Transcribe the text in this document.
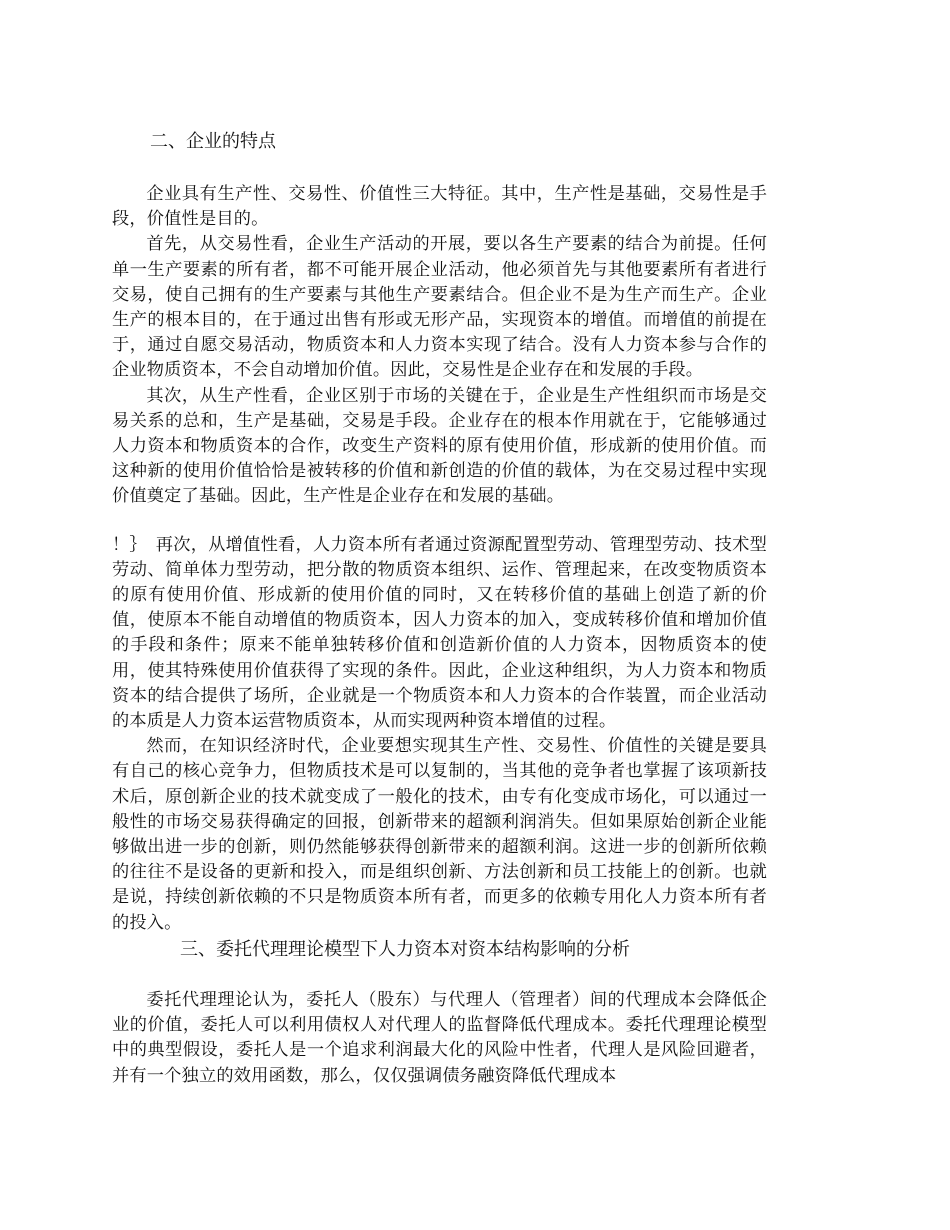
二、企业的特点

企业具有生产性、交易性、价值性三大特征。其中，生产性是基础，交易性是手段，价值性是目的。

首先，从交易性看，企业生产活动的开展，要以各生产要素的结合为前提。任何单一生产要素的所有者，都不可能开展企业活动，他必须首先与其他要素所有者进行交易，使自己拥有的生产要素与其他生产要素结合。但企业不是为生产而生产。企业生产的根本目的，在于通过出售有形或无形产品，实现资本的增值。而增值的前提在于，通过自愿交易活动，物质资本和人力资本实现了结合。没有人力资本参与合作的企业物质资本，不会自动增加价值。因此，交易性是企业存在和发展的手段。

其次，从生产性看，企业区别于市场的关键在于，企业是生产性组织而市场是交易关系的总和，生产是基础，交易是手段。企业存在的根本作用就在于，它能够通过人力资本和物质资本的合作，改变生产资料的原有使用价值，形成新的使用价值。而这种新的使用价值恰恰是被转移的价值和新创造的价值的载体，为在交易过程中实现价值奠定了基础。因此，生产性是企业存在和发展的基础。

！｝  再次，从增值性看，人力资本所有者通过资源配置型劳动、管理型劳动、技术型劳动、简单体力型劳动，把分散的物质资本组织、运作、管理起来，在改变物质资本的原有使用价值、形成新的使用价值的同时，又在转移价值的基础上创造了新的价值，使原本不能自动增值的物质资本，因人力资本的加入，变成转移价值和增加价值的手段和条件；原来不能单独转移价值和创造新价值的人力资本，因物质资本的使用，使其特殊使用价值获得了实现的条件。因此，企业这种组织，为人力资本和物质资本的结合提供了场所，企业就是一个物质资本和人力资本的合作装置，而企业活动的本质是人力资本运营物质资本，从而实现两种资本增值的过程。

然而，在知识经济时代，企业要想实现其生产性、交易性、价值性的关键是要具有自己的核心竞争力，但物质技术是可以复制的，当其他的竞争者也掌握了该项新技术后，原创新企业的技术就变成了一般化的技术，由专有化变成市场化，可以通过一般性的市场交易获得确定的回报，创新带来的超额利润消失。但如果原始创新企业能够做出进一步的创新，则仍然能够获得创新带来的超额利润。这进一步的创新所依赖的往往不是设备的更新和投入，而是组织创新、方法创新和员工技能上的创新。也就是说，持续创新依赖的不只是物质资本所有者，而更多的依赖专用化人力资本所有者的投入。

三、委托代理理论模型下人力资本对资本结构影响的分析

委托代理理论认为，委托人（股东）与代理人（管理者）间的代理成本会降低企业的价值，委托人可以利用债权人对代理人的监督降低代理成本。委托代理理论模型中的典型假设，委托人是一个追求利润最大化的风险中性者，代理人是风险回避者，并有一个独立的效用函数，那么，仅仅强调债务融资降低代理成本
